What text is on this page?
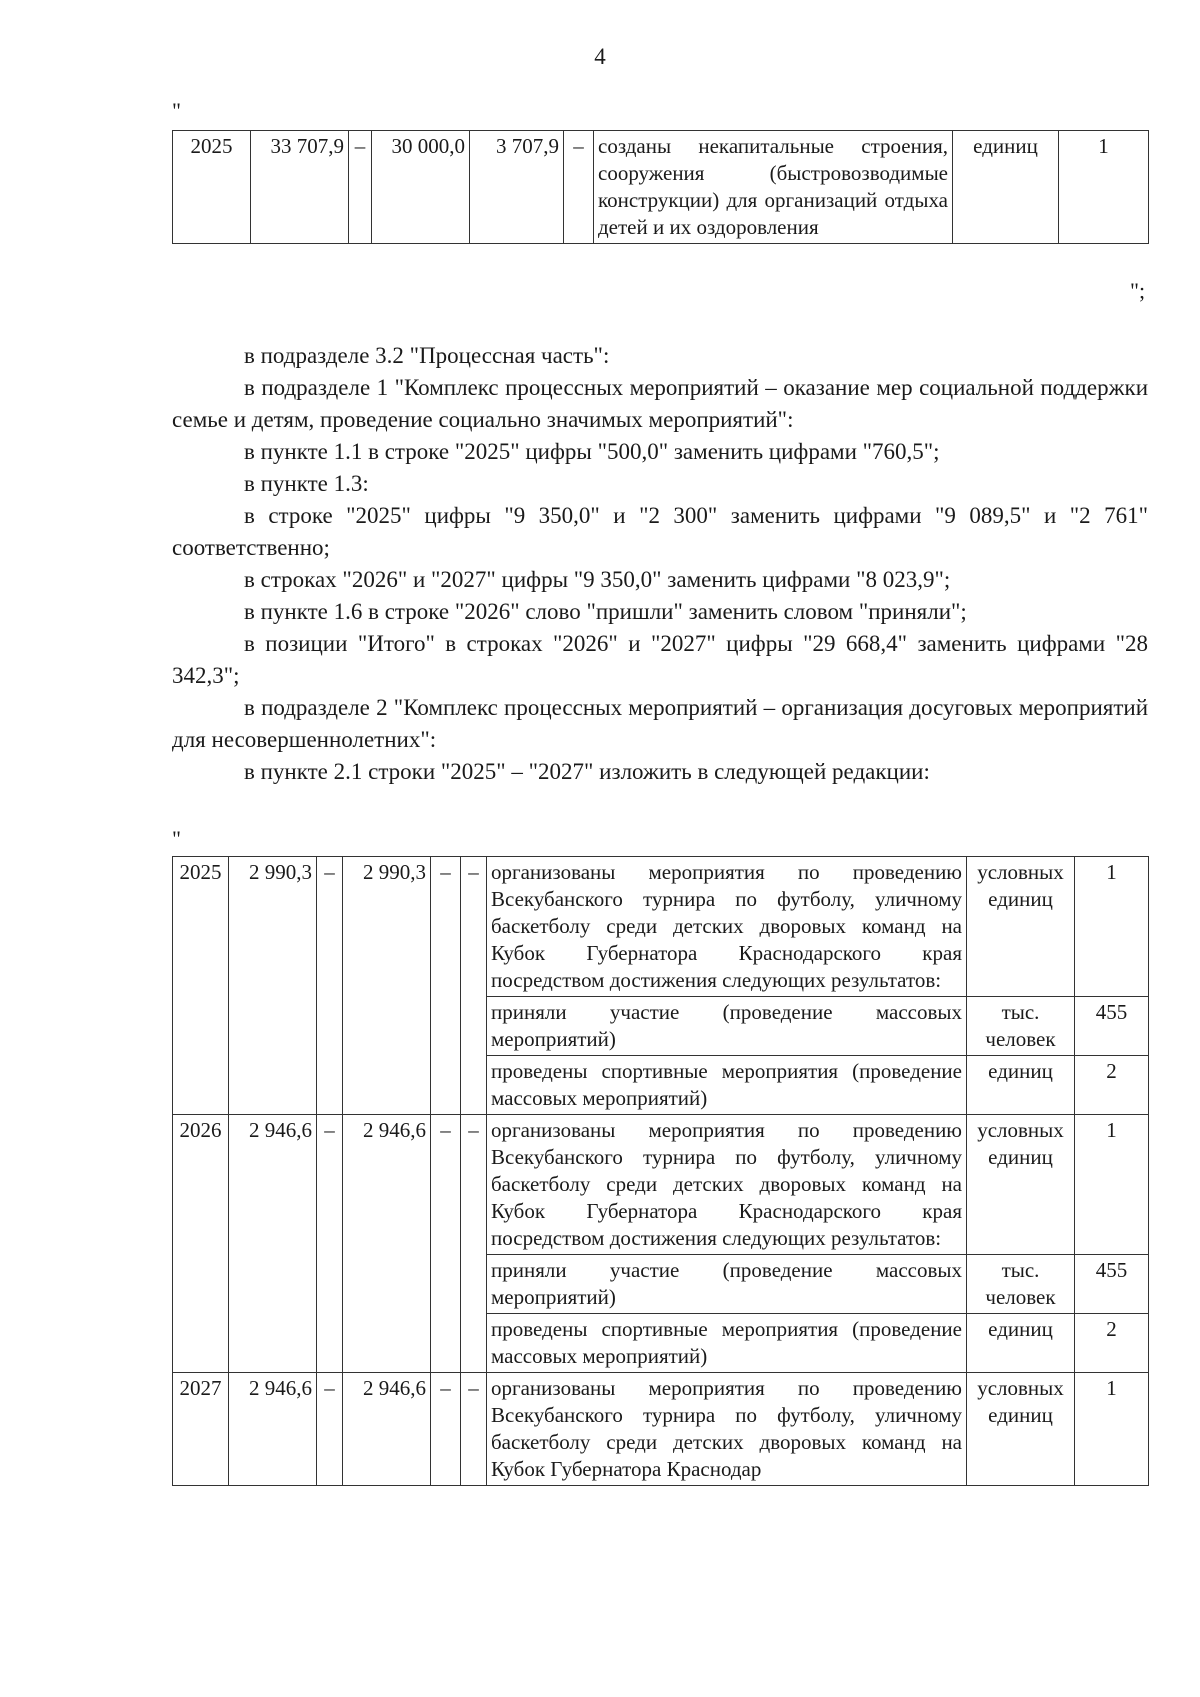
4
"
2025	33 707,9	–	30 000,0	3 707,9	–	созданы некапитальные строения, сооружения (быстровозводимые конструкции) для организаций отдыха детей и их оздоровления	единиц	1
";

в подразделе 3.2 "Процессная часть":

в подразделе 1 "Комплекс процессных мероприятий – оказание мер социальной поддержки семье и детям, проведение социально значимых мероприятий":

в пункте 1.1 в строке "2025" цифры "500,0" заменить цифрами "760,5";

в пункте 1.3:

в строке "2025" цифры "9 350,0" и "2 300" заменить цифрами "9 089,5" и "2 761" соответственно;

в строках "2026" и "2027" цифры "9 350,0" заменить цифрами "8 023,9";

в пункте 1.6 в строке "2026" слово "пришли" заменить словом "приняли";

в позиции "Итого" в строках "2026" и "2027" цифры "29 668,4" заменить цифрами "28 342,3";

в подразделе 2 "Комплекс процессных мероприятий – организация досуговых мероприятий для несовершеннолетних":

в пункте 2.1 строки "2025" – "2027" изложить в следующей редакции:

"
2025	2 990,3	–	2 990,3	–	–	организованы мероприятия по проведению Всекубанского турнира по футболу, уличному баскетболу среди детских дворовых команд на Кубок Губернатора Краснодарского края посредством достижения следующих результатов:	условных единиц	1
						приняли участие (проведение массовых мероприятий)	тыс. человек	455
						проведены спортивные мероприятия (проведение массовых мероприятий)	единиц	2
2026	2 946,6	–	2 946,6	–	–	организованы мероприятия по проведению Всекубанского турнира по футболу, уличному баскетболу среди детских дворовых команд на Кубок Губернатора Краснодарского края посредством достижения следующих результатов:	условных единиц	1
						приняли участие (проведение массовых мероприятий)	тыс. человек	455
						проведены спортивные мероприятия (проведение массовых мероприятий)	единиц	2
2027	2 946,6	–	2 946,6	–	–	организованы мероприятия по проведению Всекубанского турнира по футболу, уличному баскетболу среди детских дворовых команд на Кубок Губернатора Краснодар	условных единиц	1
